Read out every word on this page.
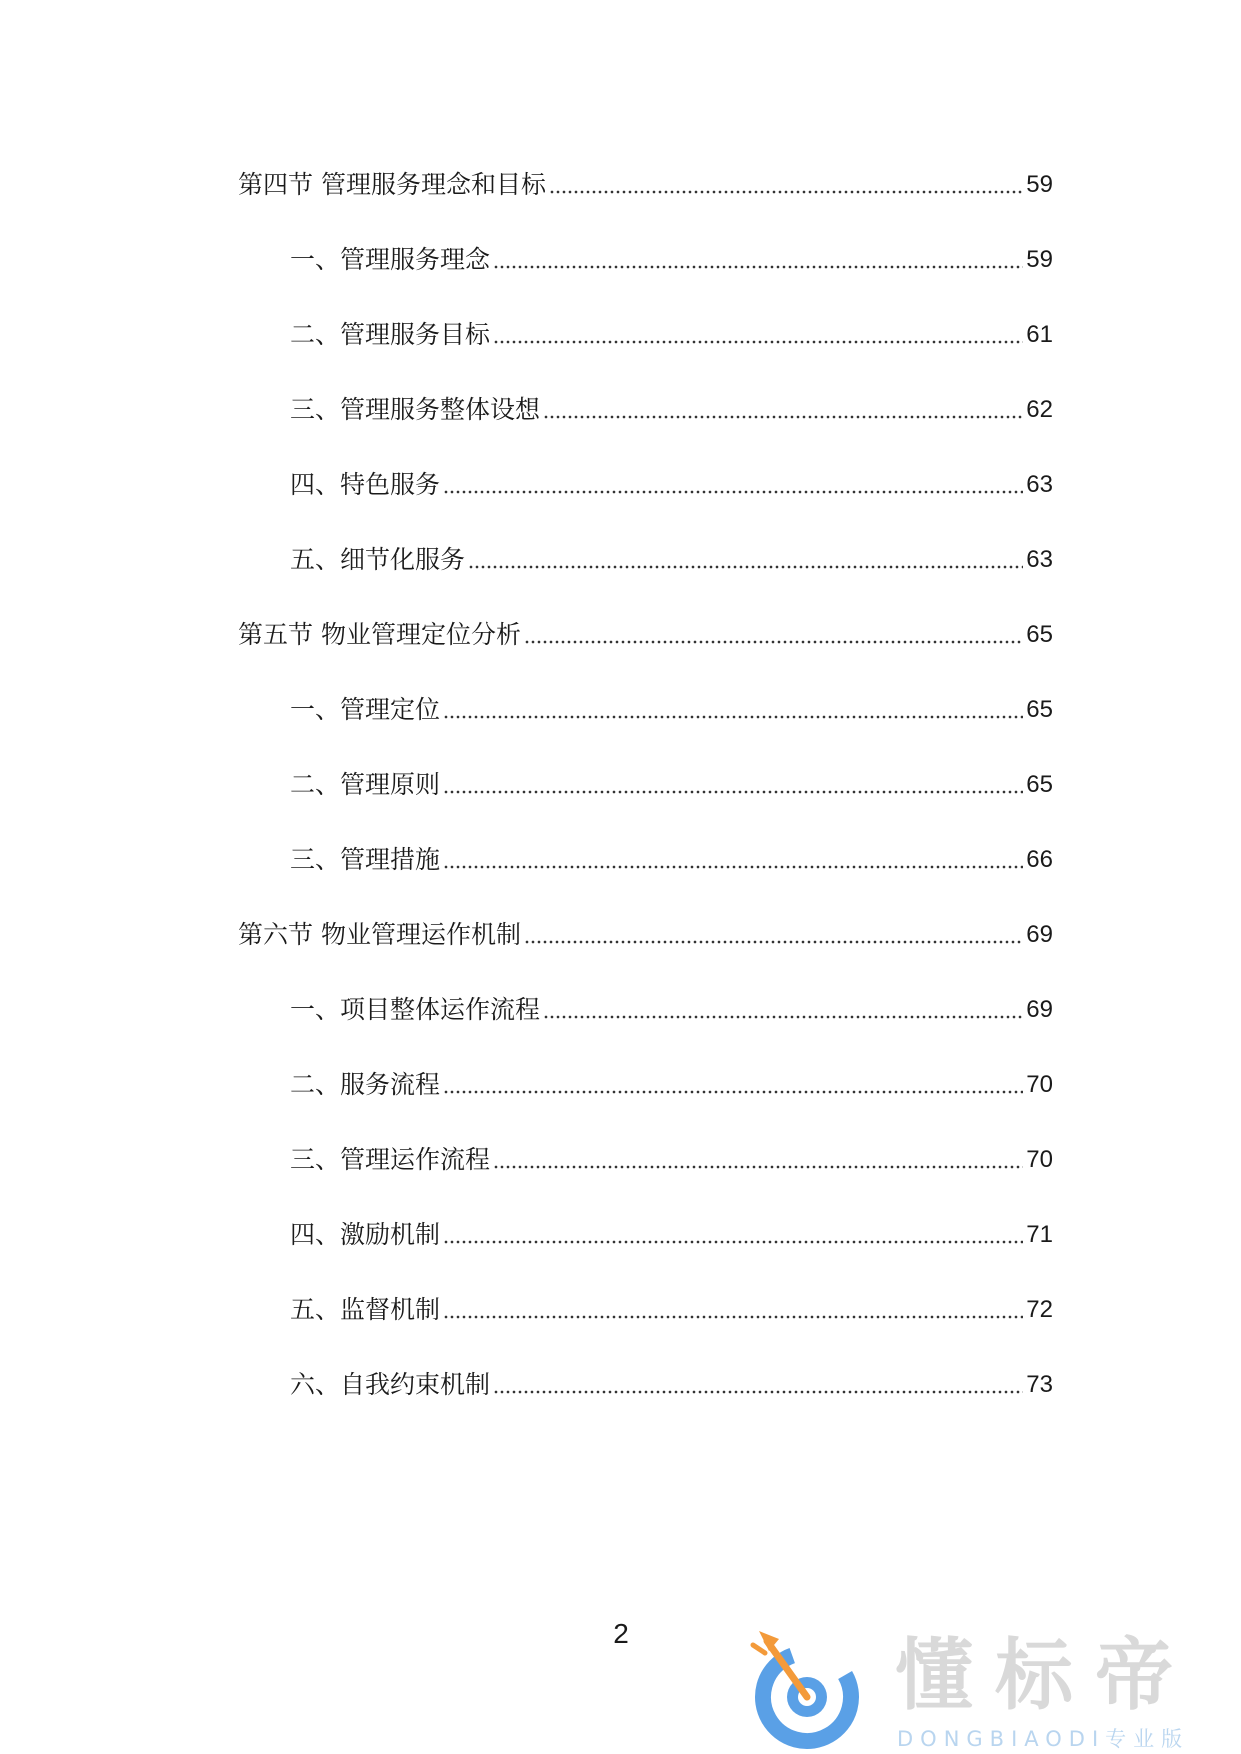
第四节 管理服务理念和目标	59
一、管理服务理念	59
二、管理服务目标	61
三、管理服务整体设想	62
四、特色服务	63
五、细节化服务	63
第五节 物业管理定位分析	65
一、管理定位	65
二、管理原则	65
三、管理措施	66
第六节 物业管理运作机制	69
一、项目整体运作流程	69
二、服务流程	70
三、管理运作流程	70
四、激励机制	71
五、监督机制	72
六、自我约束机制	73
2	懂标帝
DONGBIAODI专业版
